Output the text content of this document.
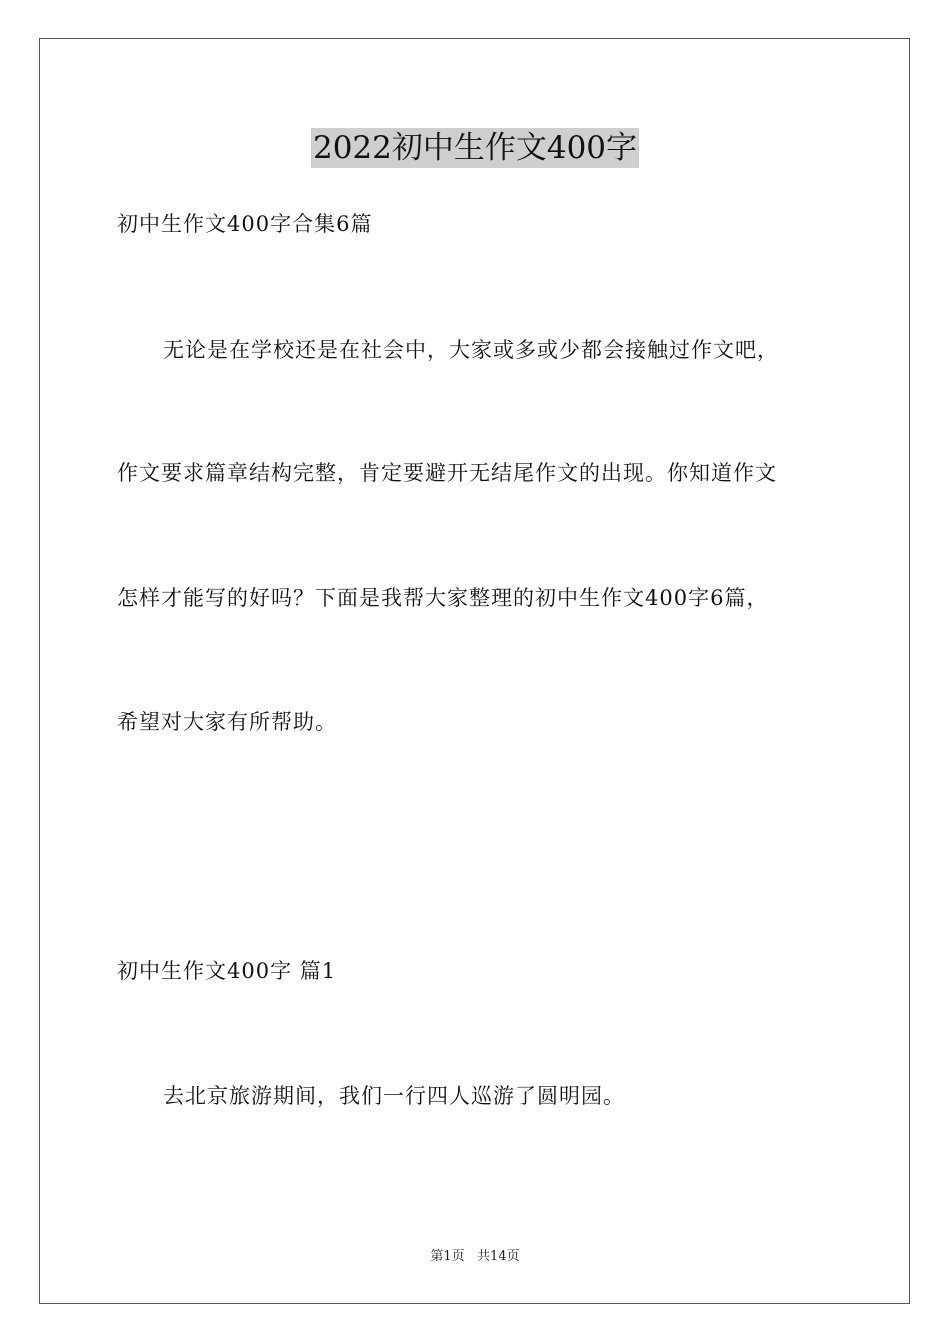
2022初中生作文400字
初中生作文400字合集6篇
无论是在学校还是在社会中，大家或多或少都会接触过作文吧，
作文要求篇章结构完整，肯定要避开无结尾作文的出现。你知道作文
怎样才能写的好吗？下面是我帮大家整理的初中生作文400字6篇，
希望对大家有所帮助。
初中生作文400字 篇1
去北京旅游期间，我们一行四人巡游了圆明园。
第1页   共14页
